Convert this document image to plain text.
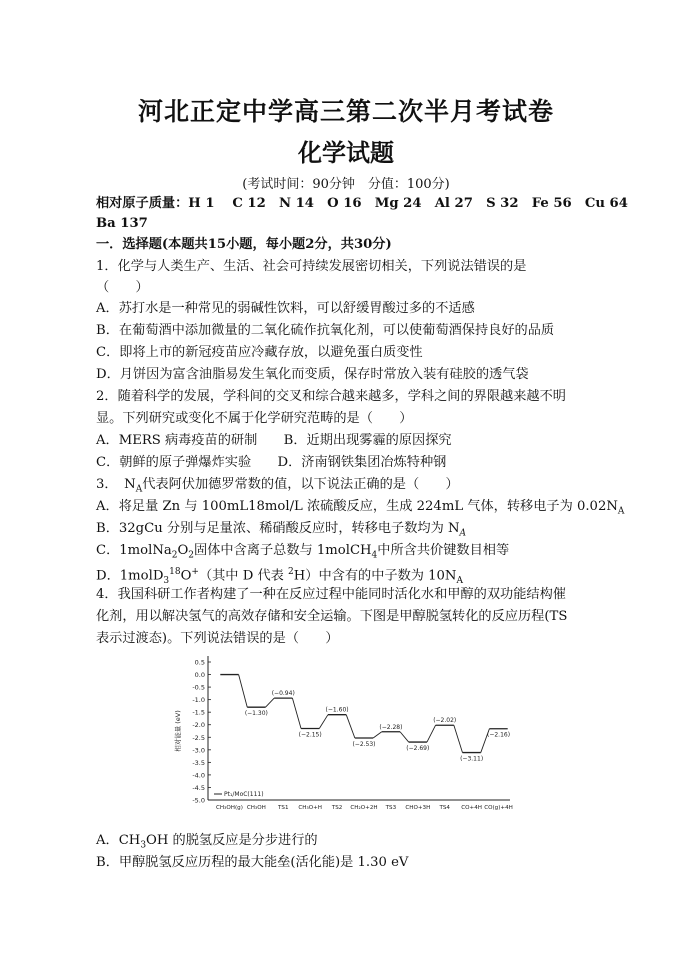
河北正定中学高三第二次半月考试卷
化学试题
(考试时间：90分钟　分值：100分)
相对原子质量：H 1　 C 12　N 14　O 16　Mg 24　Al 27　S 32　Fe 56　Cu 64
Ba 137
一．选择题(本题共15小题，每小题2分，共30分)
1．化学与人类生产、生活、社会可持续发展密切相关，下列说法错误的是
（　　）
A．苏打水是一种常见的弱碱性饮料，可以舒缓胃酸过多的不适感
B．在葡萄酒中添加微量的二氧化硫作抗氧化剂，可以使葡萄酒保持良好的品质
C．即将上市的新冠疫苗应冷藏存放，以避免蛋白质变性
D．月饼因为富含油脂易发生氧化而变质，保存时常放入装有硅胶的透气袋
2．随着科学的发展，学科间的交叉和综合越来越多，学科之间的界限越来越不明
显。下列研究或变化不属于化学研究范畴的是（　　）
A．MERS 病毒疫苗的研制　　B．近期出现雾霾的原因探究
C．朝鲜的原子弹爆炸实验　　D．济南钢铁集团冶炼特种钢
3．　$N_A$代表阿伏加德罗常数的值，以下说法正确的是（　　）
A．将足量 Zn 与 100mL18mol/L 浓硫酸反应，生成 224mL 气体，转移电子为 $0.02N_A$
B．32gCu 分别与足量浓、稀硝酸反应时，转移电子数均为 $N_A$
C．$1molNa_2O_2$固体中含离子总数与 1molCH$_4$中所含共价键数目相等
D．1molD$_3^{18}$O+（其中 D 代表 $^2$H）中含有的中子数为 $10N_A$
4．我国科研工作者构建了一种在反应过程中能同时活化水和甲醇的双功能结构催
化剂，用以解决氢气的高效存储和安全运输。下图是甲醇脱氢转化的反应历程(TS
表示过渡态)。下列说法错误的是（　　）
0.5
0.0
-0.5
-1.0
-1.5
-2.0
-2.5
-3.0
-3.5
-4.0
-4.5
-5.0
相对能量 (eV)
CH₃OH(g)
(−1.30)
CH₃OH
(−0.94)
TS1
(−2.15)
CH₃O+H
(−1.60)
TS2
(−2.53)
CH₂O+2H
(−2.28)
TS3
(−2.69)
CHO+3H
(−2.02)
TS4
(−3.11)
CO+4H
(−2.16)
CO(g)+4H
Pt₁/MoC(111)
A．$CH_3OH$ 的脱氢反应是分步进行的
B．甲醇脱氢反应历程的最大能垒(活化能)是 1.30 eV
